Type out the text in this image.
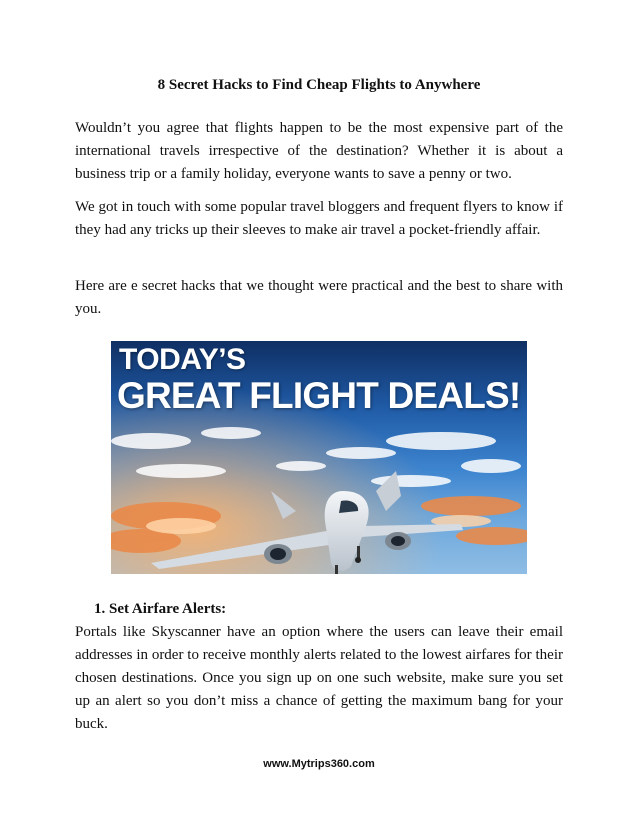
8 Secret Hacks to Find Cheap Flights to Anywhere
Wouldn’t you agree that flights happen to be the most expensive part of the international travels irrespective of the destination? Whether it is about a business trip or a family holiday, everyone wants to save a penny or two.
We got in touch with some popular travel bloggers and frequent flyers to know if they had any tricks up their sleeves to make air travel a pocket-friendly affair.
Here are e secret hacks that we thought were practical and the best to share with you.
TODAY’S
GREAT FLIGHT DEALS!
1. Set Airfare Alerts:
Portals like Skyscanner have an option where the users can leave their email addresses in order to receive monthly alerts related to the lowest airfares for their chosen destinations. Once you sign up on one such website, make sure you set up an alert so you don’t miss a chance of getting the maximum bang for your buck.
www.Mytrips360.com
